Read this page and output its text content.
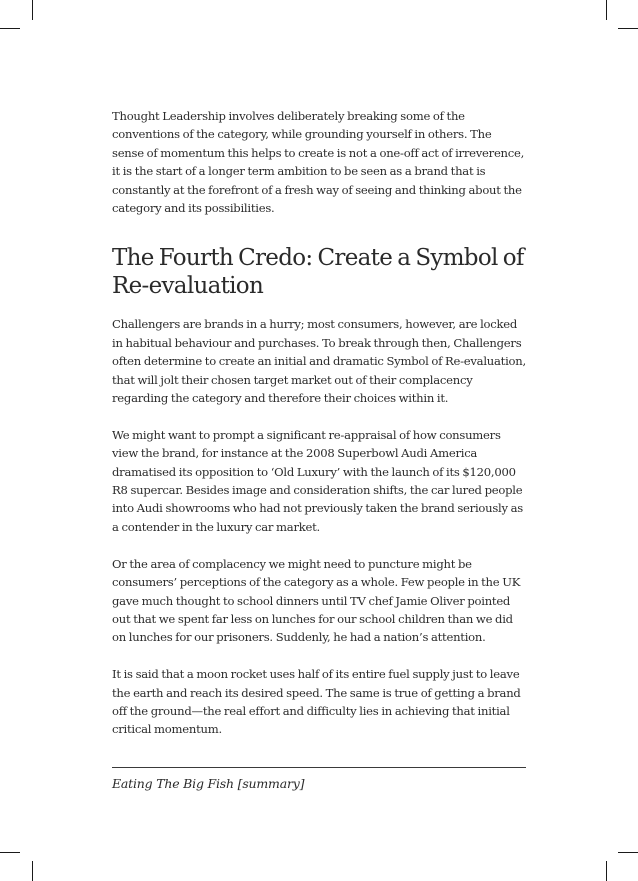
Thought Leadership involves deliberately breaking some of the conventions of the category, while grounding yourself in others. The sense of momentum this helps to create is not a one-off act of irreverence, it is the start of a longer term ambition to be seen as a brand that is constantly at the forefront of a fresh way of seeing and thinking about the category and its possibilities.

The Fourth Credo: Create a Symbol of Re-evaluation

Challengers are brands in a hurry; most consumers, however, are locked in habitual behaviour and purchases. To break through then, Challengers often determine to create an initial and dramatic Symbol of Re-evaluation, that will jolt their chosen target market out of their complacency regarding the category and therefore their choices within it.

We might want to prompt a significant re-appraisal of how consumers view the brand, for instance at the 2008 Superbowl Audi America dramatised its opposition to ‘Old Luxury’ with the launch of its $120,000 R8 supercar. Besides image and consideration shifts, the car lured people into Audi showrooms who had not previously taken the brand seriously as a contender in the luxury car market.

Or the area of complacency we might need to puncture might be consumers’ perceptions of the category as a whole. Few people in the UK gave much thought to school dinners until TV chef Jamie Oliver pointed out that we spent far less on lunches for our school children than we did on lunches for our prisoners. Suddenly, he had a nation’s attention.

It is said that a moon rocket uses half of its entire fuel supply just to leave the earth and reach its desired speed. The same is true of getting a brand off the ground—the real effort and difficulty lies in achieving that initial critical momentum.

Eating The Big Fish [summary]
